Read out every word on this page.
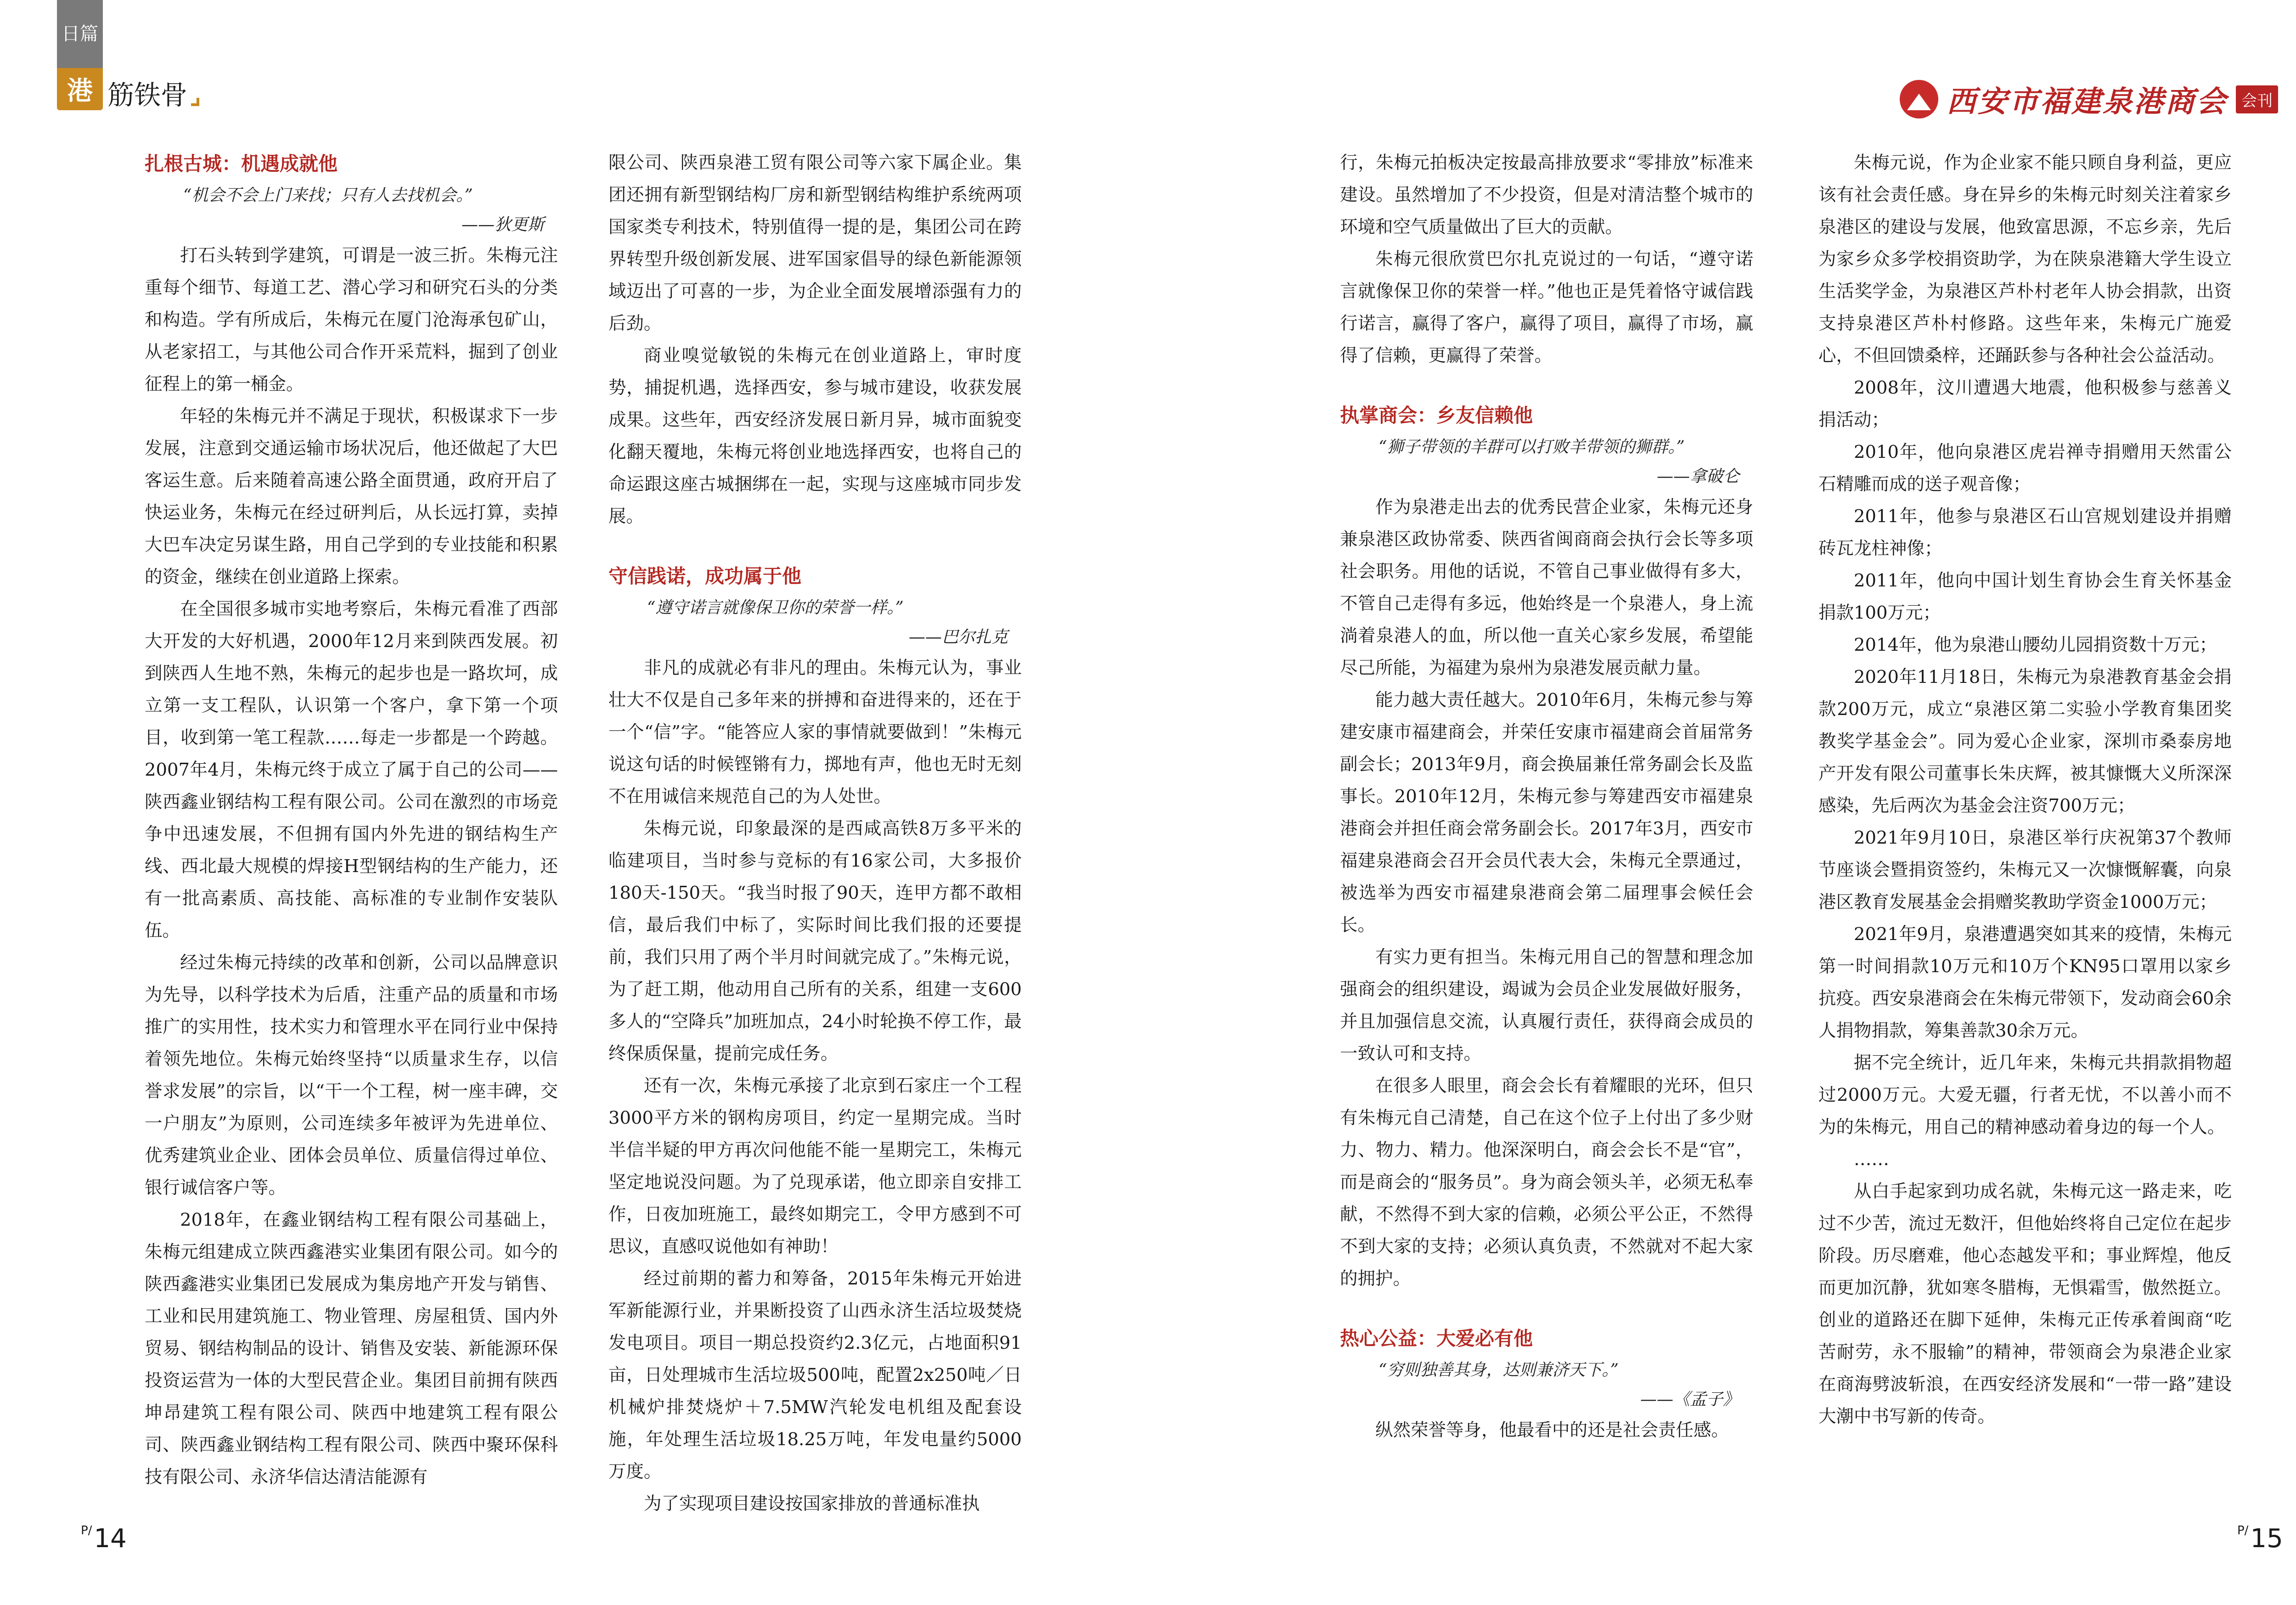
日篇
港 筋铁骨	西安市福建泉港商会 会刊
扎根古城：机遇成就他
“机会不会上门来找；只有人去找机会。”
——狄更斯

打石头转到学建筑，可谓是一波三折。朱梅元注重每个细节、每道工艺、潜心学习和研究石头的分类和构造。学有所成后，朱梅元在厦门沧海承包矿山，从老家招工，与其他公司合作开采荒料，掘到了创业征程上的第一桶金。

年轻的朱梅元并不满足于现状，积极谋求下一步发展，注意到交通运输市场状况后，他还做起了大巴客运生意。后来随着高速公路全面贯通，政府开启了快运业务，朱梅元在经过研判后，从长远打算，卖掉大巴车决定另谋生路，用自己学到的专业技能和积累的资金，继续在创业道路上探索。

在全国很多城市实地考察后，朱梅元看准了西部大开发的大好机遇，2000年12月来到陕西发展。初到陕西人生地不熟，朱梅元的起步也是一路坎坷，成立第一支工程队，认识第一个客户，拿下第一个项目，收到第一笔工程款……每走一步都是一个跨越。2007年4月，朱梅元终于成立了属于自己的公司——陕西鑫业钢结构工程有限公司。公司在激烈的市场竞争中迅速发展，不但拥有国内外先进的钢结构生产线、西北最大规模的焊接H型钢结构的生产能力，还有一批高素质、高技能、高标准的专业制作安装队伍。

经过朱梅元持续的改革和创新，公司以品牌意识为先导，以科学技术为后盾，注重产品的质量和市场推广的实用性，技术实力和管理水平在同行业中保持着领先地位。朱梅元始终坚持“以质量求生存，以信誉求发展”的宗旨，以“干一个工程，树一座丰碑，交一户朋友”为原则，公司连续多年被评为先进单位、优秀建筑业企业、团体会员单位、质量信得过单位、银行诚信客户等。

2018年，在鑫业钢结构工程有限公司基础上，朱梅元组建成立陕西鑫港实业集团有限公司。如今的陕西鑫港实业集团已发展成为集房地产开发与销售、工业和民用建筑施工、物业管理、房屋租赁、国内外贸易、钢结构制品的设计、销售及安装、新能源环保投资运营为一体的大型民营企业。集团目前拥有陕西坤昂建筑工程有限公司、陕西中地建筑工程有限公司、陕西鑫业钢结构工程有限公司、陕西中聚环保科技有限公司、永济华信达清洁能源有

限公司、陕西泉港工贸有限公司等六家下属企业。集团还拥有新型钢结构厂房和新型钢结构维护系统两项国家类专利技术，特别值得一提的是，集团公司在跨界转型升级创新发展、进军国家倡导的绿色新能源领域迈出了可喜的一步，为企业全面发展增添强有力的后劲。

商业嗅觉敏锐的朱梅元在创业道路上，审时度势，捕捉机遇，选择西安，参与城市建设，收获发展成果。这些年，西安经济发展日新月异，城市面貌变化翻天覆地，朱梅元将创业地选择西安，也将自己的命运跟这座古城捆绑在一起，实现与这座城市同步发展。

守信践诺，成功属于他
“遵守诺言就像保卫你的荣誉一样。”
——巴尔扎克

非凡的成就必有非凡的理由。朱梅元认为，事业壮大不仅是自己多年来的拼搏和奋进得来的，还在于一个“信”字。“能答应人家的事情就要做到！”朱梅元说这句话的时候铿锵有力，掷地有声，他也无时无刻不在用诚信来规范自己的为人处世。

朱梅元说，印象最深的是西咸高铁8万多平米的临建项目，当时参与竞标的有16家公司，大多报价180天-150天。“我当时报了90天，连甲方都不敢相信，最后我们中标了，实际时间比我们报的还要提前，我们只用了两个半月时间就完成了。”朱梅元说，为了赶工期，他动用自己所有的关系，组建一支600多人的“空降兵”加班加点，24小时轮换不停工作，最终保质保量，提前完成任务。

还有一次，朱梅元承接了北京到石家庄一个工程3000平方米的钢构房项目，约定一星期完成。当时半信半疑的甲方再次问他能不能一星期完工，朱梅元坚定地说没问题。为了兑现承诺，他立即亲自安排工作，日夜加班施工，最终如期完工，令甲方感到不可思议，直感叹说他如有神助！

经过前期的蓄力和筹备，2015年朱梅元开始进军新能源行业，并果断投资了山西永济生活垃圾焚烧发电项目。项目一期总投资约2.3亿元，占地面积91亩，日处理城市生活垃圾500吨，配置2x250吨／日机械炉排焚烧炉＋7.5MW汽轮发电机组及配套设施，年处理生活垃圾18.25万吨，年发电量约5000万度。

为了实现项目建设按国家排放的普通标准执

行，朱梅元拍板决定按最高排放要求“零排放”标准来建设。虽然增加了不少投资，但是对清洁整个城市的环境和空气质量做出了巨大的贡献。

朱梅元很欣赏巴尔扎克说过的一句话，“遵守诺言就像保卫你的荣誉一样。”他也正是凭着恪守诚信践行诺言，赢得了客户，赢得了项目，赢得了市场，赢得了信赖，更赢得了荣誉。

执掌商会：乡友信赖他
“狮子带领的羊群可以打败羊带领的狮群。”
——拿破仑

作为泉港走出去的优秀民营企业家，朱梅元还身兼泉港区政协常委、陕西省闽商商会执行会长等多项社会职务。用他的话说，不管自己事业做得有多大，不管自己走得有多远，他始终是一个泉港人，身上流淌着泉港人的血，所以他一直关心家乡发展，希望能尽己所能，为福建为泉州为泉港发展贡献力量。

能力越大责任越大。2010年6月，朱梅元参与筹建安康市福建商会，并荣任安康市福建商会首届常务副会长；2013年9月，商会换届兼任常务副会长及监事长。2010年12月，朱梅元参与筹建西安市福建泉港商会并担任商会常务副会长。2017年3月，西安市福建泉港商会召开会员代表大会，朱梅元全票通过，被选举为西安市福建泉港商会第二届理事会候任会长。

有实力更有担当。朱梅元用自己的智慧和理念加强商会的组织建设，竭诚为会员企业发展做好服务，并且加强信息交流，认真履行责任，获得商会成员的一致认可和支持。

在很多人眼里，商会会长有着耀眼的光环，但只有朱梅元自己清楚，自己在这个位子上付出了多少财力、物力、精力。他深深明白，商会会长不是“官”，而是商会的“服务员”。身为商会领头羊，必须无私奉献，不然得不到大家的信赖，必须公平公正，不然得不到大家的支持；必须认真负责，不然就对不起大家的拥护。

热心公益：大爱必有他
“穷则独善其身，达则兼济天下。”
——《孟子》

纵然荣誉等身，他最看中的还是社会责任感。

朱梅元说，作为企业家不能只顾自身利益，更应该有社会责任感。身在异乡的朱梅元时刻关注着家乡泉港区的建设与发展，他致富思源，不忘乡亲，先后为家乡众多学校捐资助学，为在陕泉港籍大学生设立生活奖学金，为泉港区芦朴村老年人协会捐款，出资支持泉港区芦朴村修路。这些年来，朱梅元广施爱心，不但回馈桑梓，还踊跃参与各种社会公益活动。

2008年，汶川遭遇大地震，他积极参与慈善义捐活动；

2010年，他向泉港区虎岩禅寺捐赠用天然雷公石精雕而成的送子观音像；

2011年，他参与泉港区石山宫规划建设并捐赠砖瓦龙柱神像；

2011年，他向中国计划生育协会生育关怀基金捐款100万元；

2014年，他为泉港山腰幼儿园捐资数十万元；

2020年11月18日，朱梅元为泉港教育基金会捐款200万元，成立“泉港区第二实验小学教育集团奖教奖学基金会”。同为爱心企业家，深圳市桑泰房地产开发有限公司董事长朱庆辉，被其慷慨大义所深深感染，先后两次为基金会注资700万元；

2021年9月10日，泉港区举行庆祝第37个教师节座谈会暨捐资签约，朱梅元又一次慷慨解囊，向泉港区教育发展基金会捐赠奖教助学资金1000万元；

2021年9月，泉港遭遇突如其来的疫情，朱梅元第一时间捐款10万元和10万个KN95口罩用以家乡抗疫。西安泉港商会在朱梅元带领下，发动商会60余人捐物捐款，筹集善款30余万元。

据不完全统计，近几年来，朱梅元共捐款捐物超过2000万元。大爱无疆，行者无忧，不以善小而不为的朱梅元，用自己的精神感动着身边的每一个人。

……

从白手起家到功成名就，朱梅元这一路走来，吃过不少苦，流过无数汗，但他始终将自己定位在起步阶段。历尽磨难，他心态越发平和；事业辉煌，他反而更加沉静，犹如寒冬腊梅，无惧霜雪，傲然挺立。创业的道路还在脚下延伸，朱梅元正传承着闽商“吃苦耐劳，永不服输”的精神，带领商会为泉港企业家在商海劈波斩浪，在西安经济发展和“一带一路”建设大潮中书写新的传奇。

$^{P/}$14	$^{P/}$15
